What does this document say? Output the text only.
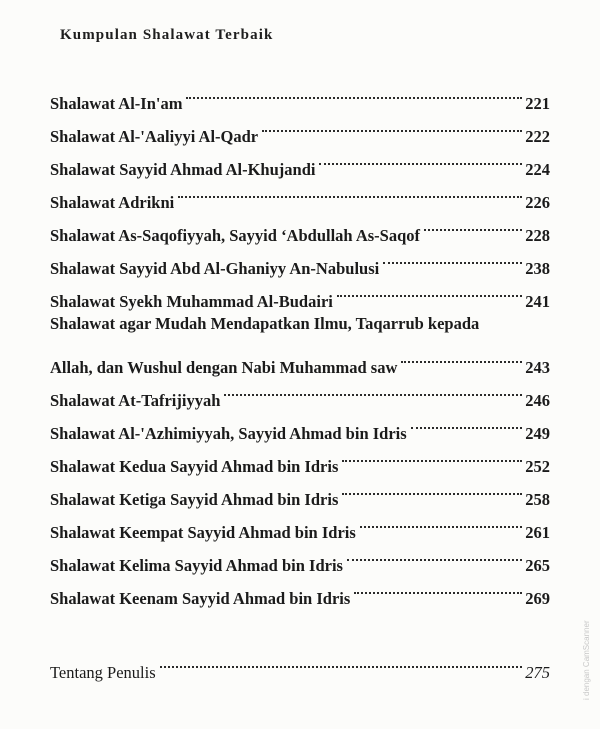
Kumpulan Shalawat Terbaik
Shalawat Al-In'am	221
Shalawat Al-'Aaliyyi Al-Qadr	222
Shalawat Sayyid Ahmad Al-Khujandi	224
Shalawat Adrikni	226
Shalawat As-Saqofiyyah, Sayyid ‘Abdullah As-Saqof	228
Shalawat Sayyid Abd Al-Ghaniyy An-Nabulusi	238
Shalawat Syekh Muhammad Al-Budairi	241
Shalawat agar Mudah Mendapatkan Ilmu, Taqarrub kepada
Allah, dan Wushul dengan Nabi Muhammad saw	243
Shalawat At-Tafrijiyyah	246
Shalawat Al-'Azhimiyyah, Sayyid Ahmad bin Idris	249
Shalawat Kedua Sayyid Ahmad bin Idris	252
Shalawat Ketiga Sayyid Ahmad bin Idris	258
Shalawat Keempat Sayyid Ahmad bin Idris	261
Shalawat Kelima Sayyid Ahmad bin Idris	265
Shalawat Keenam Sayyid Ahmad bin Idris	269
Tentang Penulis	275	i dengan CamScanner
